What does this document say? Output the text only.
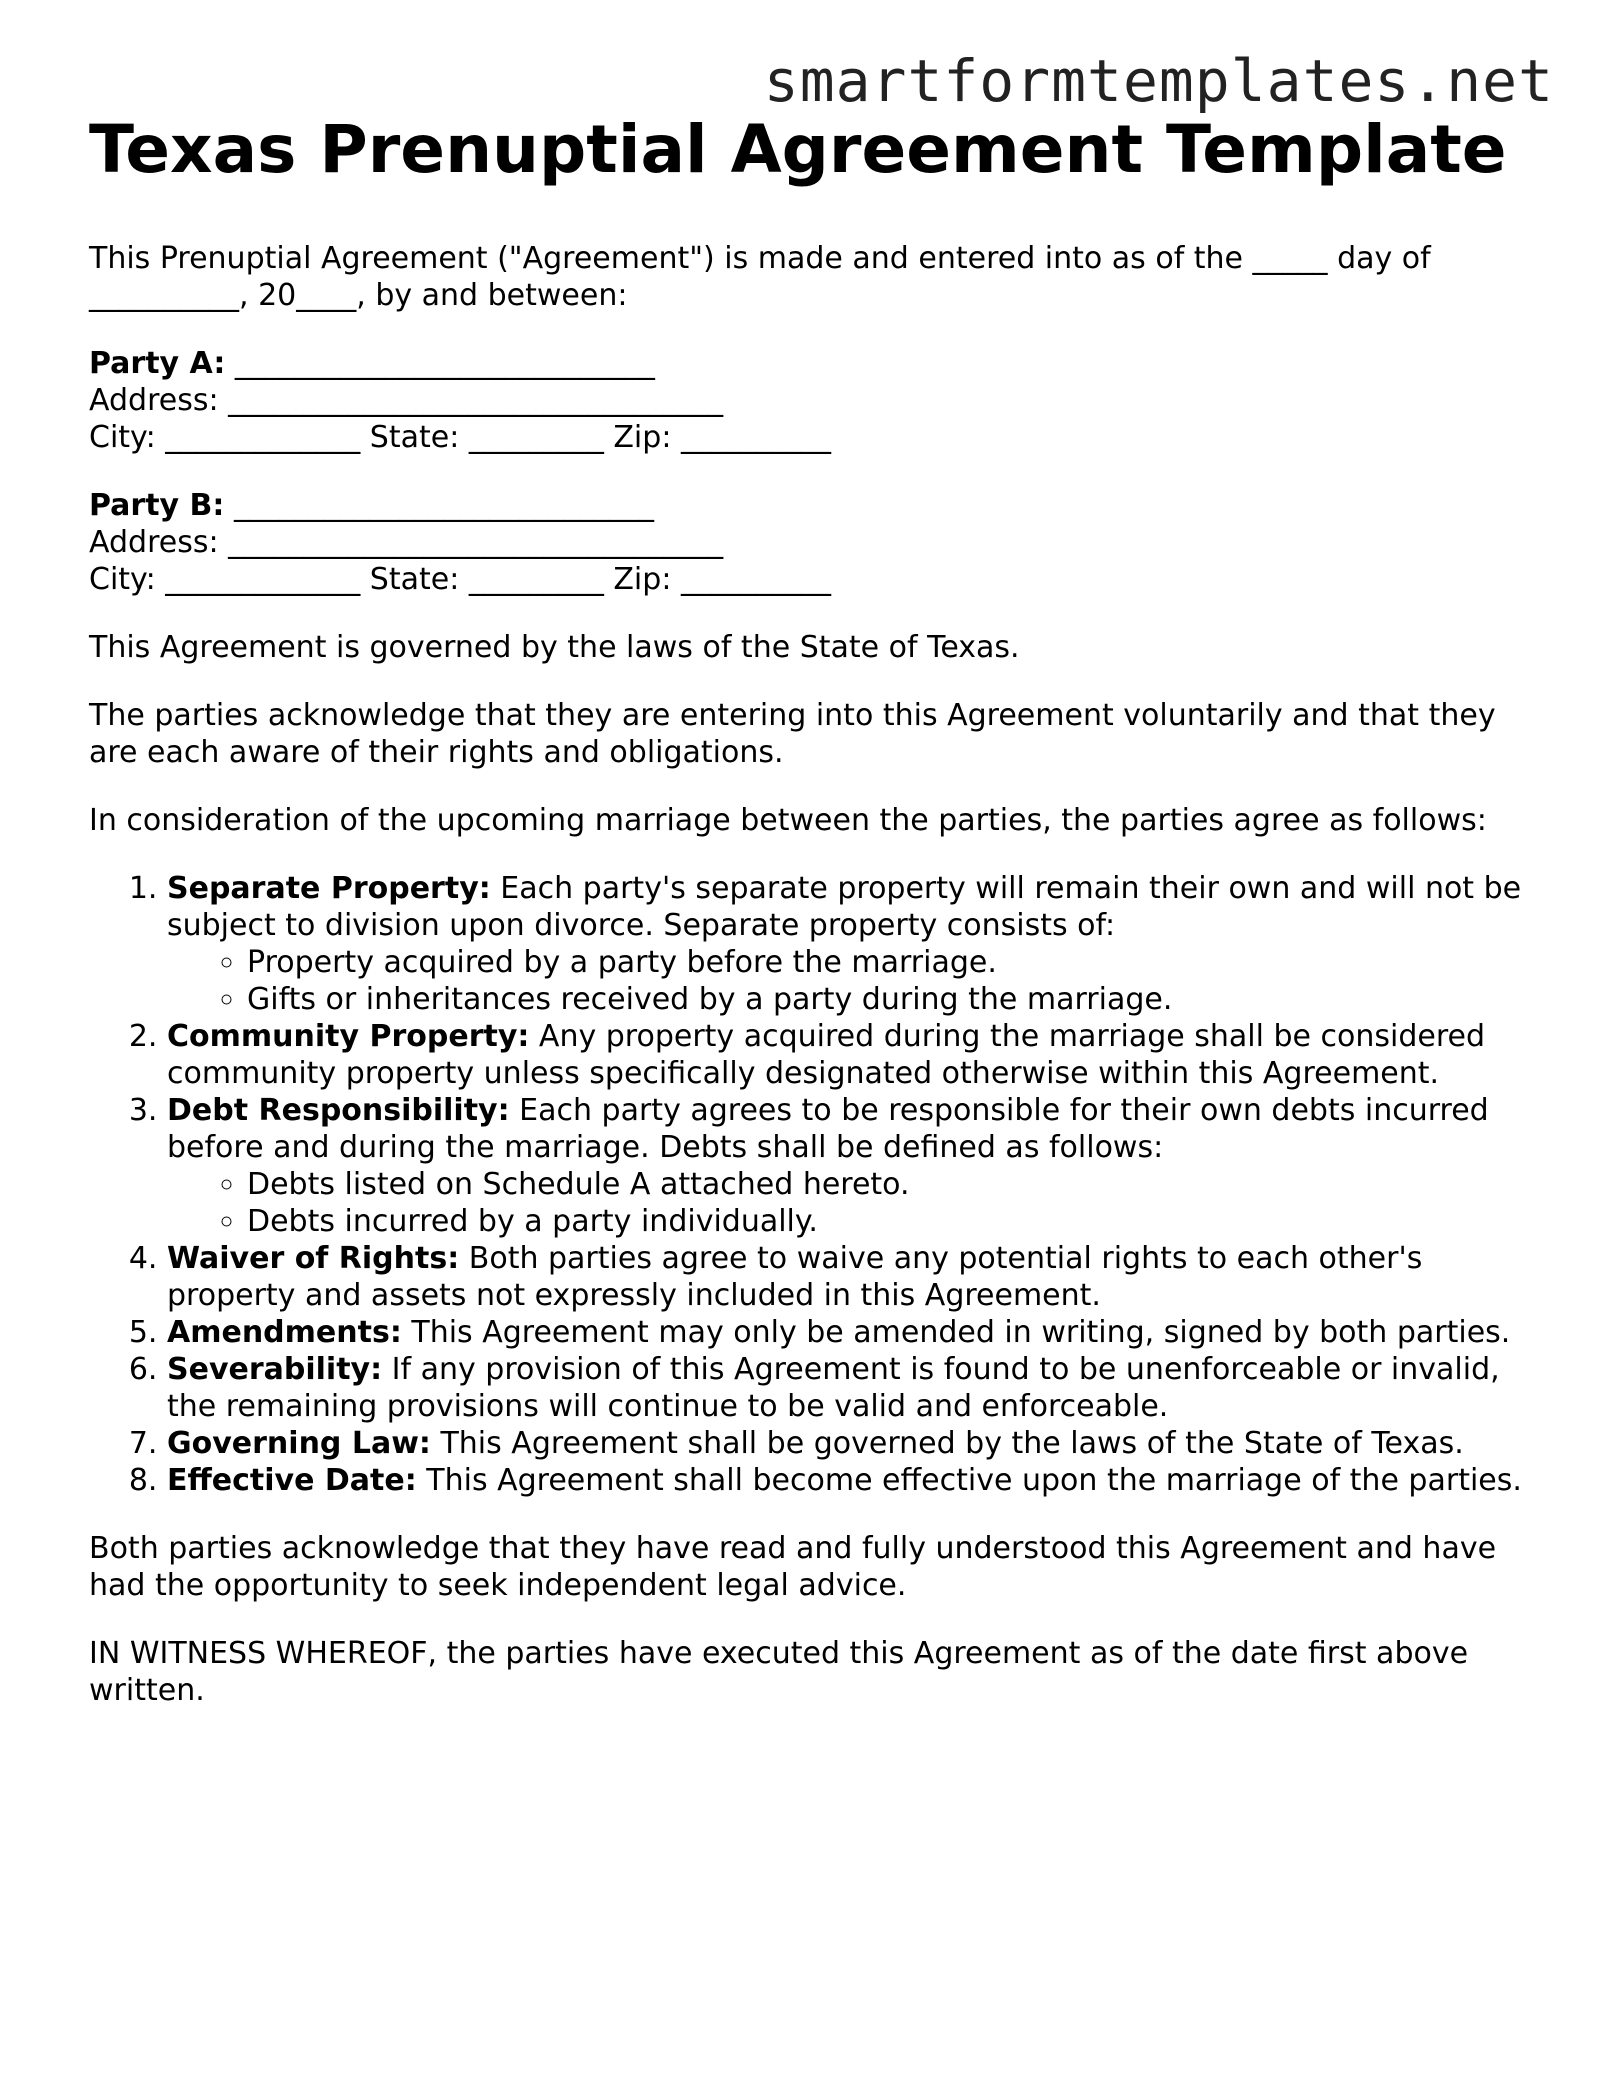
smartformtemplates.net
Texas Prenuptial Agreement Template

This Prenuptial Agreement ("Agreement") is made and entered into as of the _____ day of __________, 20____, by and between:

Party A: ____________________________
Address: _________________________________
City: _____________ State: _________ Zip: __________
Party B: ____________________________
Address: _________________________________
City: _____________ State: _________ Zip: __________

This Agreement is governed by the laws of the State of Texas.

The parties acknowledge that they are entering into this Agreement voluntarily and that they are each aware of their rights and obligations.

In consideration of the upcoming marriage between the parties, the parties agree as follows:

1. Separate Property: Each party's separate property will remain their own and will not be subject to division upon divorce. Separate property consists of:
◦ Property acquired by a party before the marriage.
◦ Gifts or inheritances received by a party during the marriage.
2. Community Property: Any property acquired during the marriage shall be considered community property unless specifically designated otherwise within this Agreement.
3. Debt Responsibility: Each party agrees to be responsible for their own debts incurred before and during the marriage. Debts shall be defined as follows:
◦ Debts listed on Schedule A attached hereto.
◦ Debts incurred by a party individually.
4. Waiver of Rights: Both parties agree to waive any potential rights to each other's property and assets not expressly included in this Agreement.
5. Amendments: This Agreement may only be amended in writing, signed by both parties.
6. Severability: If any provision of this Agreement is found to be unenforceable or invalid, the remaining provisions will continue to be valid and enforceable.
7. Governing Law: This Agreement shall be governed by the laws of the State of Texas.
8. Effective Date: This Agreement shall become effective upon the marriage of the parties.

Both parties acknowledge that they have read and fully understood this Agreement and have had the opportunity to seek independent legal advice.

IN WITNESS WHEREOF, the parties have executed this Agreement as of the date first above written.
